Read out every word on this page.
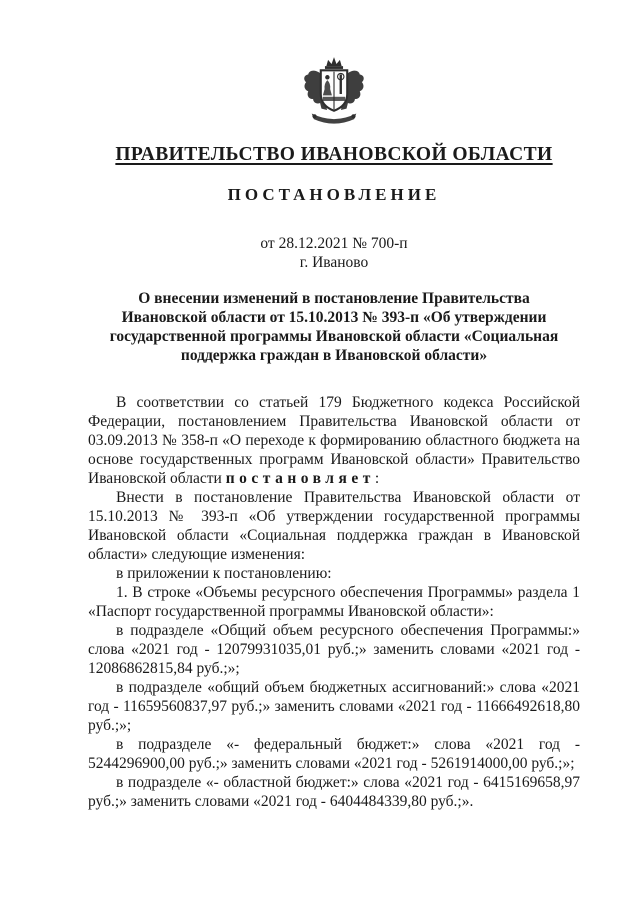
ПРАВИТЕЛЬСТВО ИВАНОВСКОЙ ОБЛАСТИ
ПОСТАНОВЛЕНИЕ
от 28.12.2021 № 700-п
г. Иваново
О внесении изменений в постановление Правительства Ивановской области от 15.10.2013 № 393-п «Об утверждении государственной программы Ивановской области «Социальная поддержка граждан в Ивановской области»

В соответствии со статьей 179 Бюджетного кодекса Российской Федерации, постановлением Правительства Ивановской области от 03.09.2013 № 358-п «О переходе к формированию областного бюджета на основе государственных программ Ивановской области» Правительство Ивановской области постановляет:

Внести в постановление Правительства Ивановской области от 15.10.2013 № 393-п «Об утверждении государственной программы Ивановской области «Социальная поддержка граждан в Ивановской области» следующие изменения:

в приложении к постановлению:

1. В строке «Объемы ресурсного обеспечения Программы» раздела 1 «Паспорт государственной программы Ивановской области»:

в подразделе «Общий объем ресурсного обеспечения Программы:» слова «2021 год - 12079931035,01 руб.;» заменить словами «2021 год - 12086862815,84 руб.;»;

в подразделе «общий объем бюджетных ассигнований:» слова «2021 год - 11659560837,97 руб.;» заменить словами «2021 год - 11666492618,80 руб.;»;

в подразделе «- федеральный бюджет:» слова «2021 год - 5244296900,00 руб.;» заменить словами «2021 год - 5261914000,00 руб.;»;

в подразделе «- областной бюджет:» слова «2021 год - 6415169658,97 руб.;» заменить словами «2021 год - 6404484339,80 руб.;».
